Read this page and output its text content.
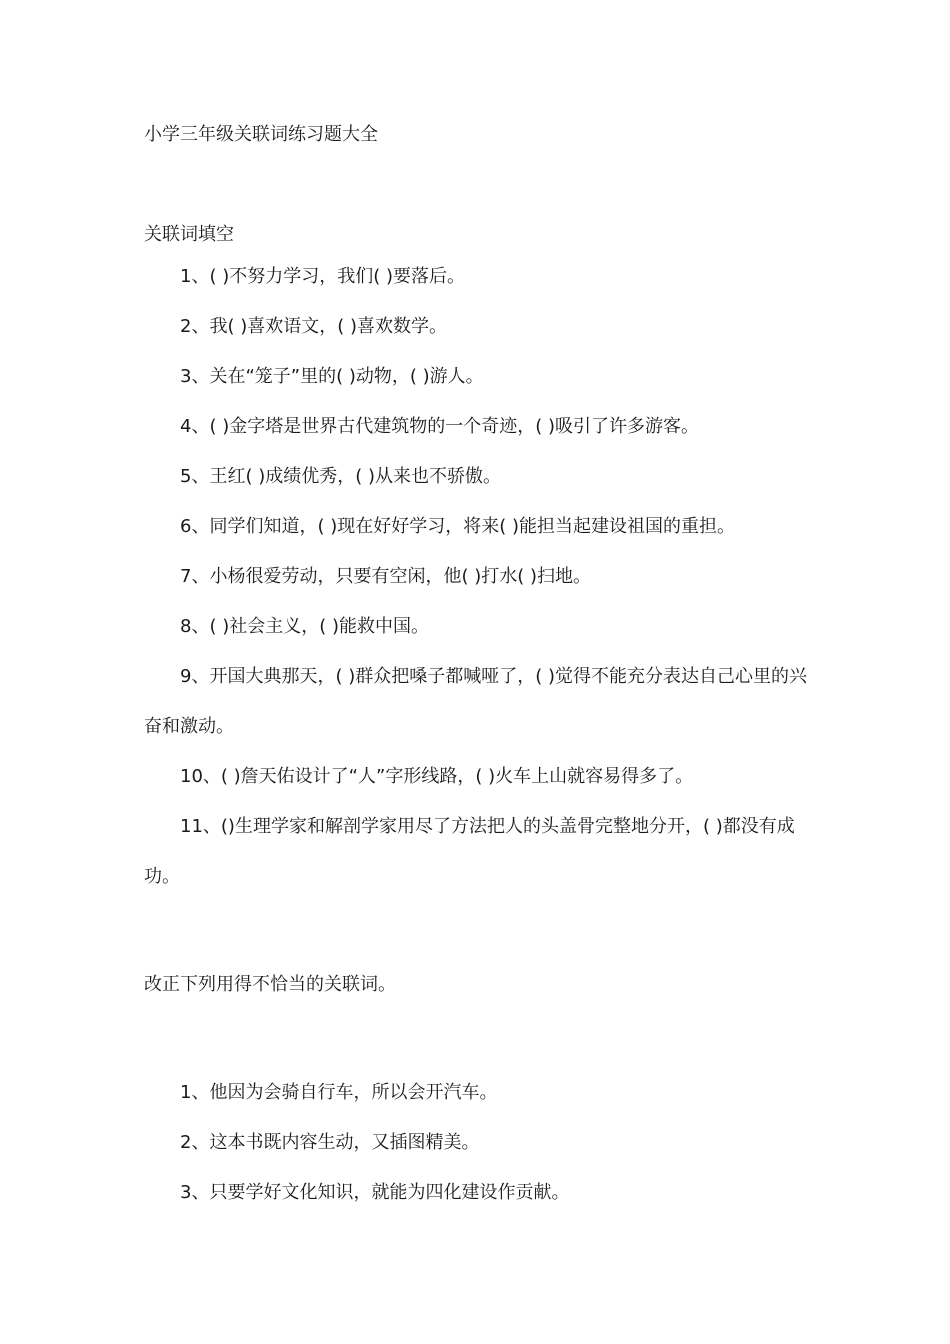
小学三年级关联词练习题大全
关联词填空
1、( )不努力学习，我们( )要落后。
2、我( )喜欢语文，( )喜欢数学。
3、关在“笼子”里的( )动物，( )游人。
4、( )金字塔是世界古代建筑物的一个奇迹，( )吸引了许多游客。
5、王红( )成绩优秀，( )从来也不骄傲。
6、同学们知道，( )现在好好学习，将来( )能担当起建设祖国的重担。
7、小杨很爱劳动，只要有空闲，他( )打水( )扫地。
8、( )社会主义，( )能救中国。
9、开国大典那天，( )群众把嗓子都喊哑了，( )觉得不能充分表达自己心里的兴奋和激动。
10、( )詹天佑设计了“人”字形线路，( )火车上山就容易得多了。
11、()生理学家和解剖学家用尽了方法把人的头盖骨完整地分开，( )都没有成功。
改正下列用得不恰当的关联词。
1、他因为会骑自行车，所以会开汽车。
2、这本书既内容生动，又插图精美。
3、只要学好文化知识，就能为四化建设作贡献。
